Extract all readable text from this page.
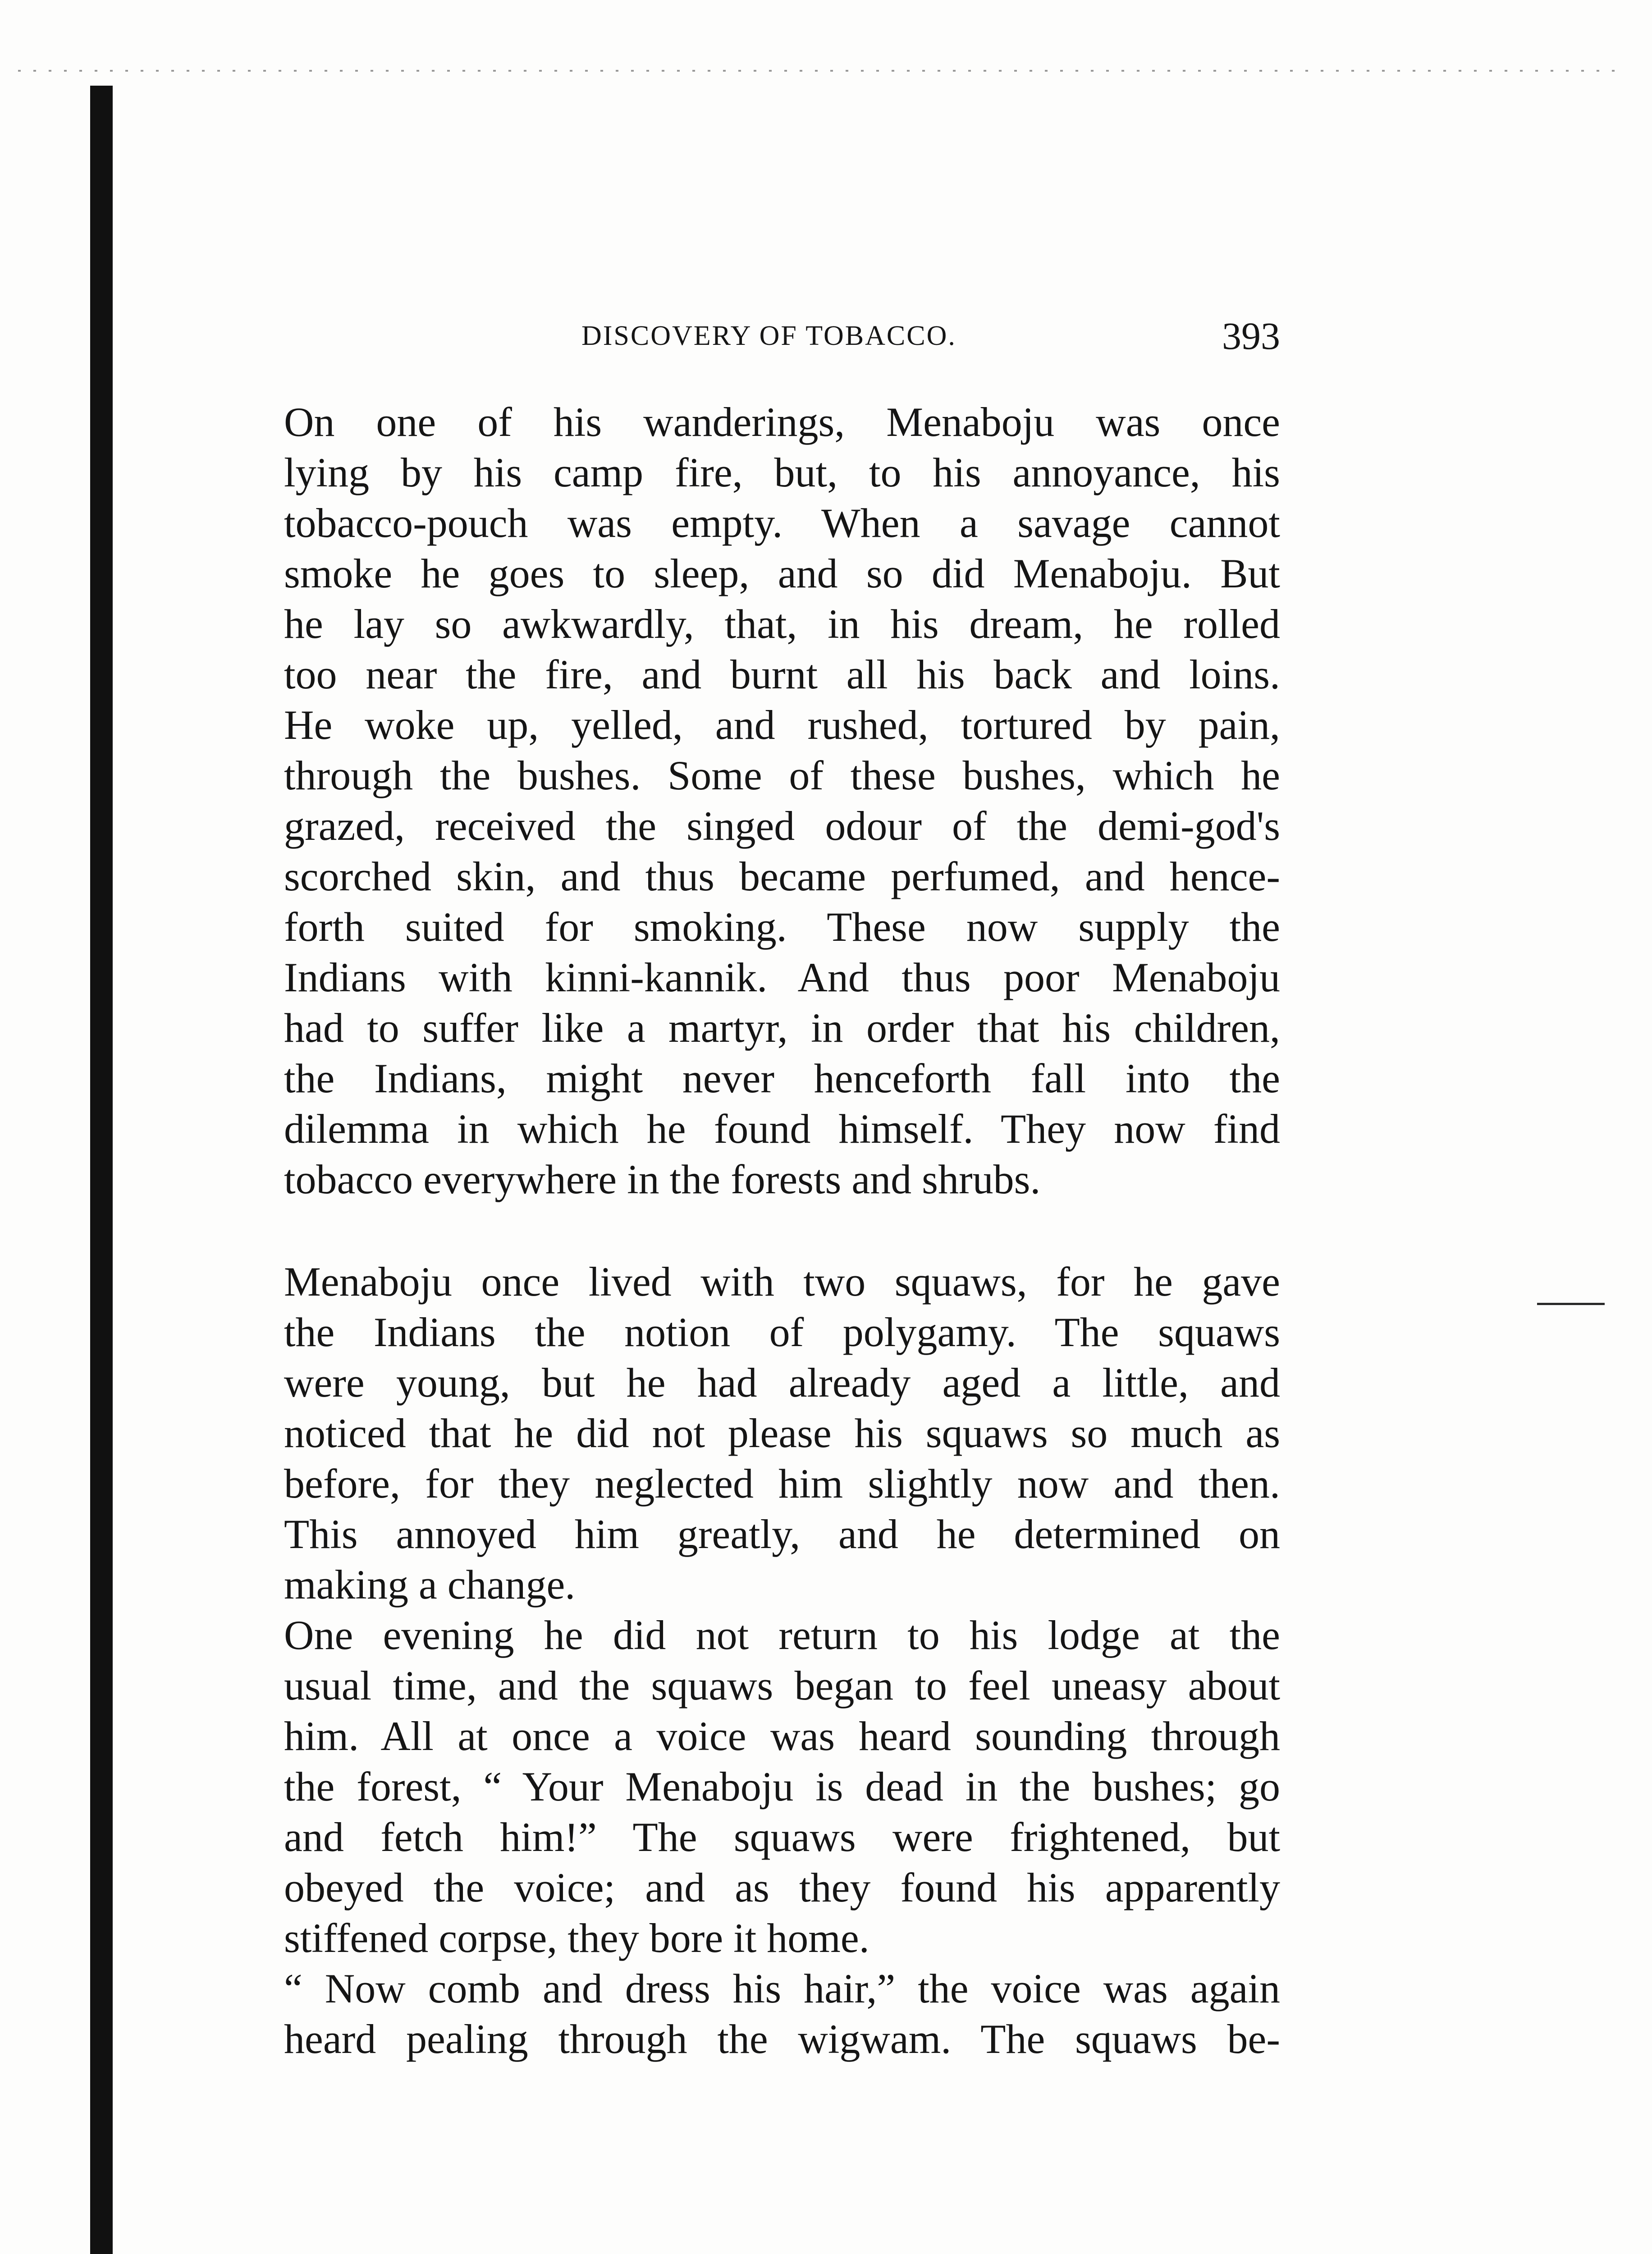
DISCOVERY OF TOBACCO.	393
On one of his wanderings, Menaboju was once
lying by his camp fire, but, to his annoyance, his
tobacco-pouch was empty. When a savage cannot
smoke he goes to sleep, and so did Menaboju. But
he lay so awkwardly, that, in his dream, he rolled
too near the fire, and burnt all his back and loins.
He woke up, yelled, and rushed, tortured by pain,
through the bushes. Some of these bushes, which he
grazed, received the singed odour of the demi-god's
scorched skin, and thus became perfumed, and hence-
forth suited for smoking. These now supply the
Indians with kinni-kannik. And thus poor Menaboju
had to suffer like a martyr, in order that his children,
the Indians, might never henceforth fall into the
dilemma in which he found himself. They now find
tobacco everywhere in the forests and shrubs.
Menaboju once lived with two squaws, for he gave
the Indians the notion of polygamy. The squaws
were young, but he had already aged a little, and
noticed that he did not please his squaws so much as
before, for they neglected him slightly now and then.
This annoyed him greatly, and he determined on
making a change.
One evening he did not return to his lodge at the
usual time, and the squaws began to feel uneasy about
him. All at once a voice was heard sounding through
the forest, “ Your Menaboju is dead in the bushes; go
and fetch him!” The squaws were frightened, but
obeyed the voice; and as they found his apparently
stiffened corpse, they bore it home.
“ Now comb and dress his hair,” the voice was again
heard pealing through the wigwam. The squaws be-
